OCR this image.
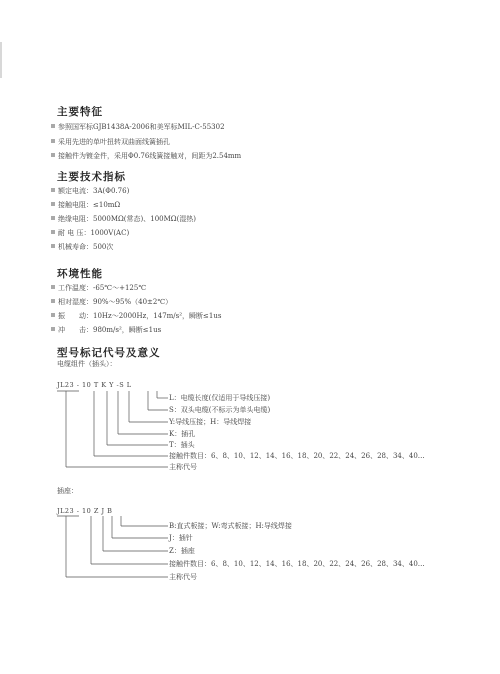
主要特征
参照国军标GJB1438A-2006和美军标MIL-C-55302
采用先进的单叶扭转双曲面线簧插孔
接触件为镀金件，采用Φ0.76线簧接触对，间距为2.54mm
主要技术指标
额定电流：3A(Φ0.76)
接触电阻：≤10mΩ
绝缘电阻：5000MΩ(常态)、100MΩ(湿热)
耐 电 压：1000V(AC)
机械寿命：500次
环境性能
工作温度：-65℃～+125℃
相对湿度：90%～95%（40±2℃）
振　　动：10Hz～2000Hz，147m/s²，瞬断≤1us
冲　　击：980m/s²，瞬断≤1us
型号标记代号及意义
电缆组件（插头）：
JL23 - 10 T K Y -S L
L：电缆长度(仅适用于导线压接)
S：双头电缆(不标示为单头电缆)
Y:导线压接；H：导线焊接
K：插孔
T：插头
接触件数目：6、8、10、12、14、16、18、20、22、24、26、28、34、40…
主称代号
插座：
JL23 - 10 Z J B
B:直式板接；W:弯式板接；H:导线焊接
J：插针
Z：插座
接触件数目：6、8、10、12、14、16、18、20、22、24、26、28、34、40…
主称代号
